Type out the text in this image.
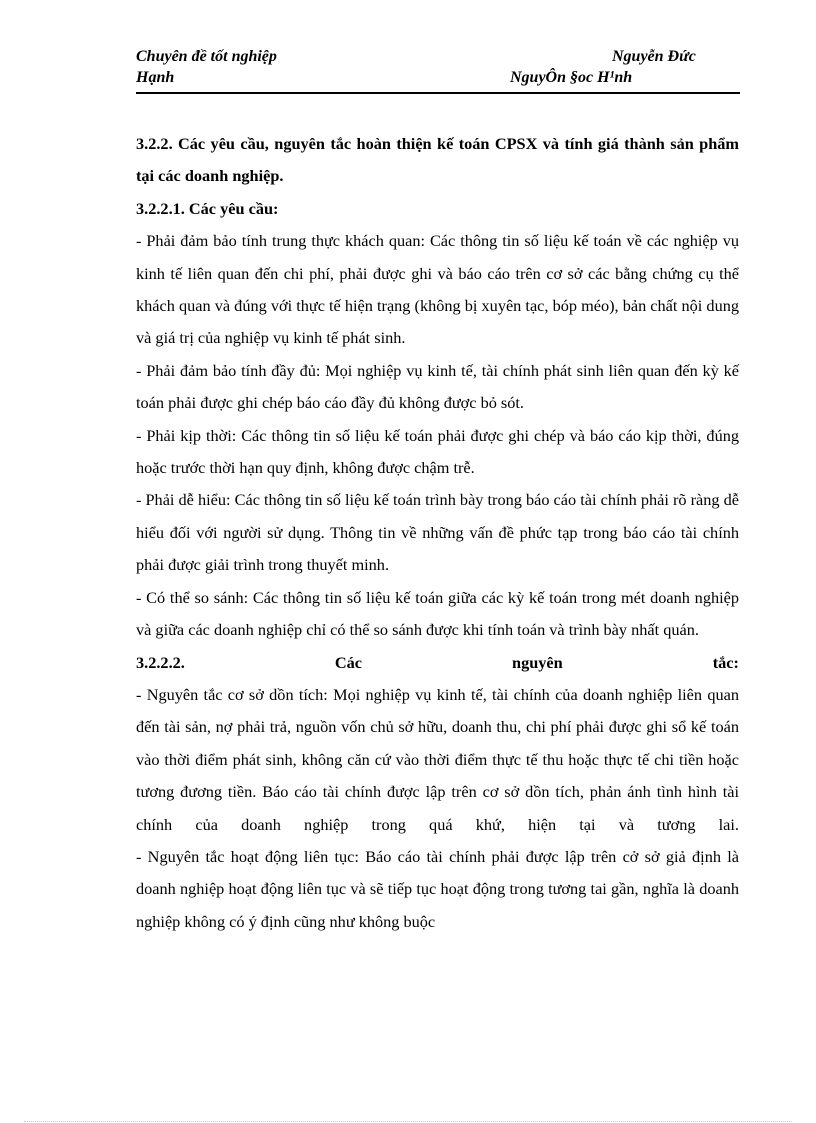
Chuyên đề tốt nghiệp	Nguyễn Đức
Hạnh	NguyÔn §oc H¹nh

3.2.2. Các yêu cầu, nguyên tắc hoàn thiện kế toán CPSX và tính giá thành sản phẩm tại các doanh nghiệp.

3.2.2.1. Các yêu cầu:

- Phải đảm bảo tính trung thực khách quan: Các thông tin số liệu kế toán về các nghiệp vụ kinh tế liên quan đến chi phí, phải được ghi và báo cáo trên cơ sở các bằng chứng cụ thể khách quan và đúng với thực tế hiện trạng (không bị xuyên tạc, bóp méo), bản chất nội dung và giá trị của nghiệp vụ kinh tế phát sinh.

- Phải đảm bảo tính đầy đủ: Mọi nghiệp vụ kinh tế, tài chính phát sinh liên quan đến kỳ kế toán phải được ghi chép báo cáo đầy đủ không được bỏ sót.

- Phải kịp thời: Các thông tin số liệu kế toán phải được ghi chép và báo cáo kịp thời, đúng hoặc trước thời hạn quy định, không được chậm trễ.

- Phải dễ hiểu: Các thông tin số liệu kế toán trình bày trong báo cáo tài chính phải rõ ràng dễ hiểu đối với người sử dụng. Thông tin về những vấn đề phức tạp trong báo cáo tài chính phải được giải trình trong thuyết minh.

- Có thể so sánh: Các thông tin số liệu kế toán giữa các kỳ kế toán trong mét doanh nghiệp và giữa các doanh nghiệp chỉ có thể so sánh được khi tính toán và trình bày nhất quán.

3.2.2.2.	Các	nguyên	tắc:

- Nguyên tắc cơ sở dồn tích: Mọi nghiệp vụ kinh tế, tài chính của doanh nghiệp liên quan đến tài sản, nợ phải trả, nguồn vốn chủ sở hữu, doanh thu, chi phí phải được ghi sổ kế toán vào thời điểm phát sinh, không căn cứ vào thời điểm thực tế thu hoặc thực tế chi tiền hoặc tương đương tiền. Báo cáo tài chính được lập trên cơ sở dồn tích, phản ánh tình hình tài chính của doanh nghiệp trong quá khứ, hiện tại và tương lai.

- Nguyên tắc hoạt động liên tục: Báo cáo tài chính phải được lập trên cở sở giả định là doanh nghiệp hoạt động liên tục và sẽ tiếp tục hoạt động trong tương tai gần, nghĩa là doanh nghiệp không có ý định cũng như không buộc
